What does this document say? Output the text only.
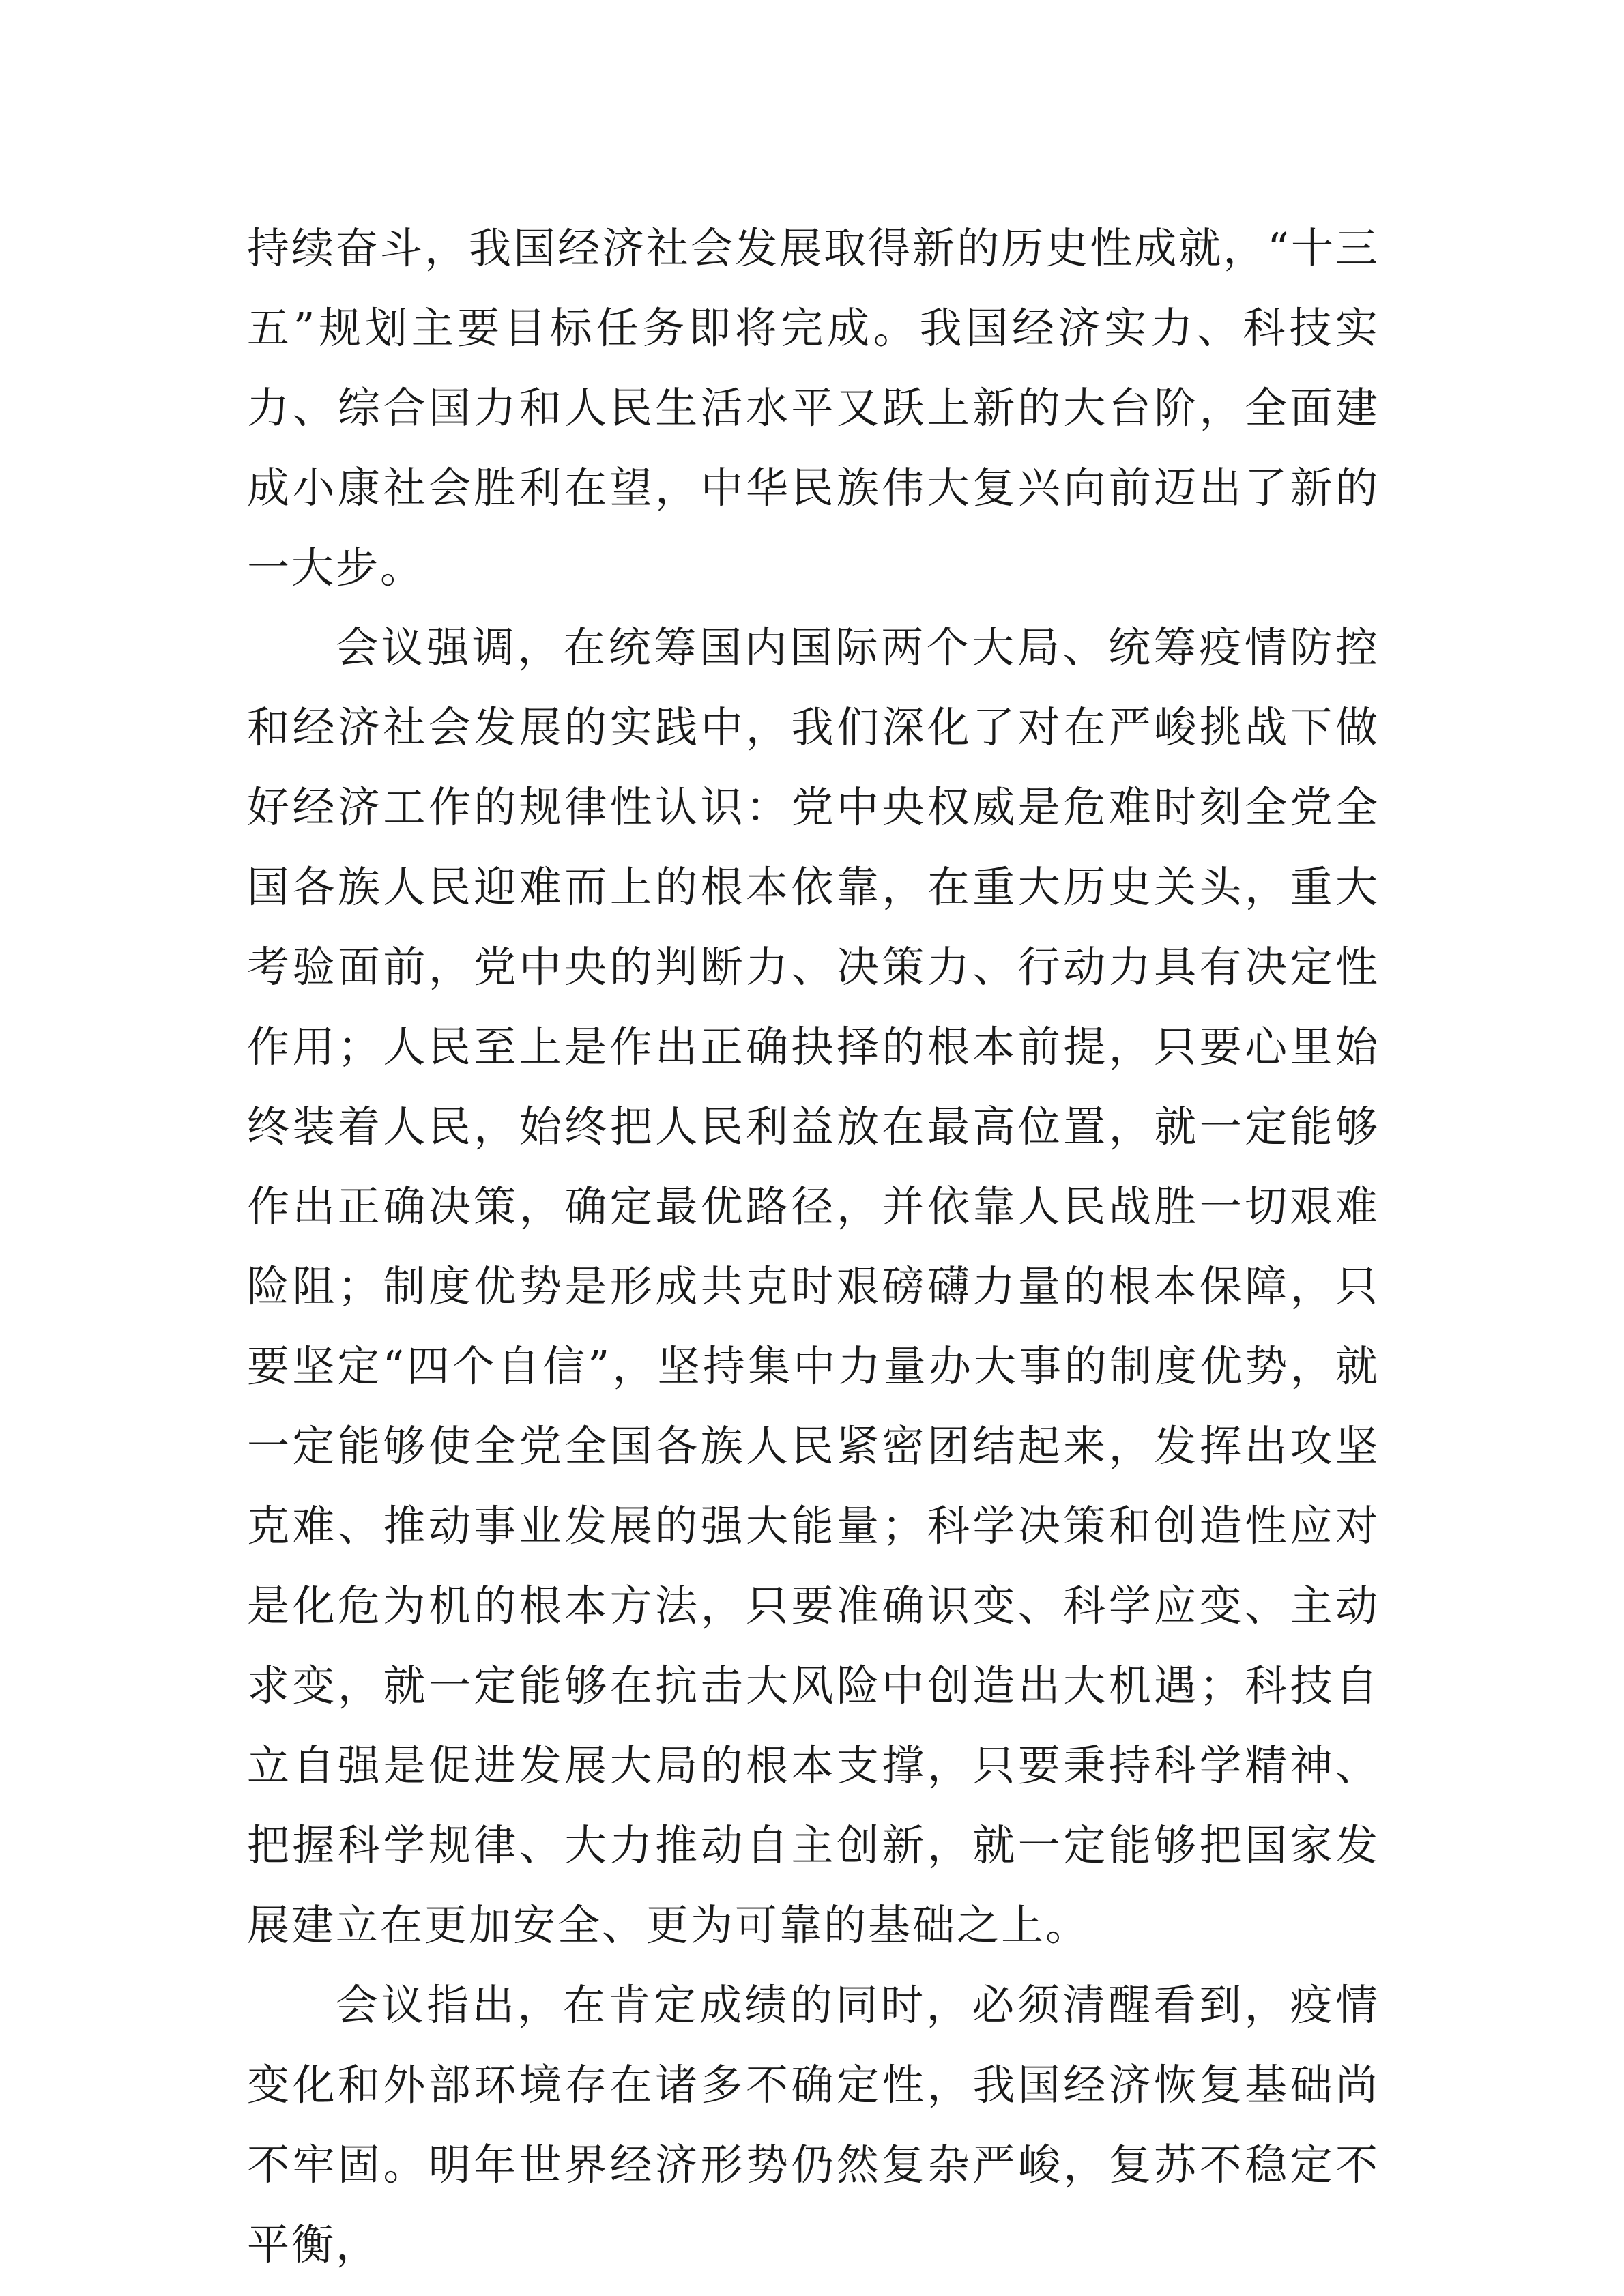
持续奋斗，我国经济社会发展取得新的历史性成就，“十三五”规划主要目标任务即将完成。我国经济实力、科技实力、综合国力和人民生活水平又跃上新的大台阶，全面建成小康社会胜利在望，中华民族伟大复兴向前迈出了新的一大步。

会议强调，在统筹国内国际两个大局、统筹疫情防控和经济社会发展的实践中，我们深化了对在严峻挑战下做好经济工作的规律性认识：党中央权威是危难时刻全党全国各族人民迎难而上的根本依靠，在重大历史关头，重大考验面前，党中央的判断力、决策力、行动力具有决定性作用；人民至上是作出正确抉择的根本前提，只要心里始终装着人民，始终把人民利益放在最高位置，就一定能够作出正确决策，确定最优路径，并依靠人民战胜一切艰难险阻；制度优势是形成共克时艰磅礴力量的根本保障，只要坚定“四个自信”，坚持集中力量办大事的制度优势，就一定能够使全党全国各族人民紧密团结起来，发挥出攻坚克难、推动事业发展的强大能量；科学决策和创造性应对是化危为机的根本方法，只要准确识变、科学应变、主动求变，就一定能够在抗击大风险中创造出大机遇；科技自立自强是促进发展大局的根本支撑，只要秉持科学精神、把握科学规律、大力推动自主创新，就一定能够把国家发展建立在更加安全、更为可靠的基础之上。

会议指出，在肯定成绩的同时，必须清醒看到，疫情变化和外部环境存在诸多不确定性，我国经济恢复基础尚不牢固。明年世界经济形势仍然复杂严峻，复苏不稳定不平衡，
